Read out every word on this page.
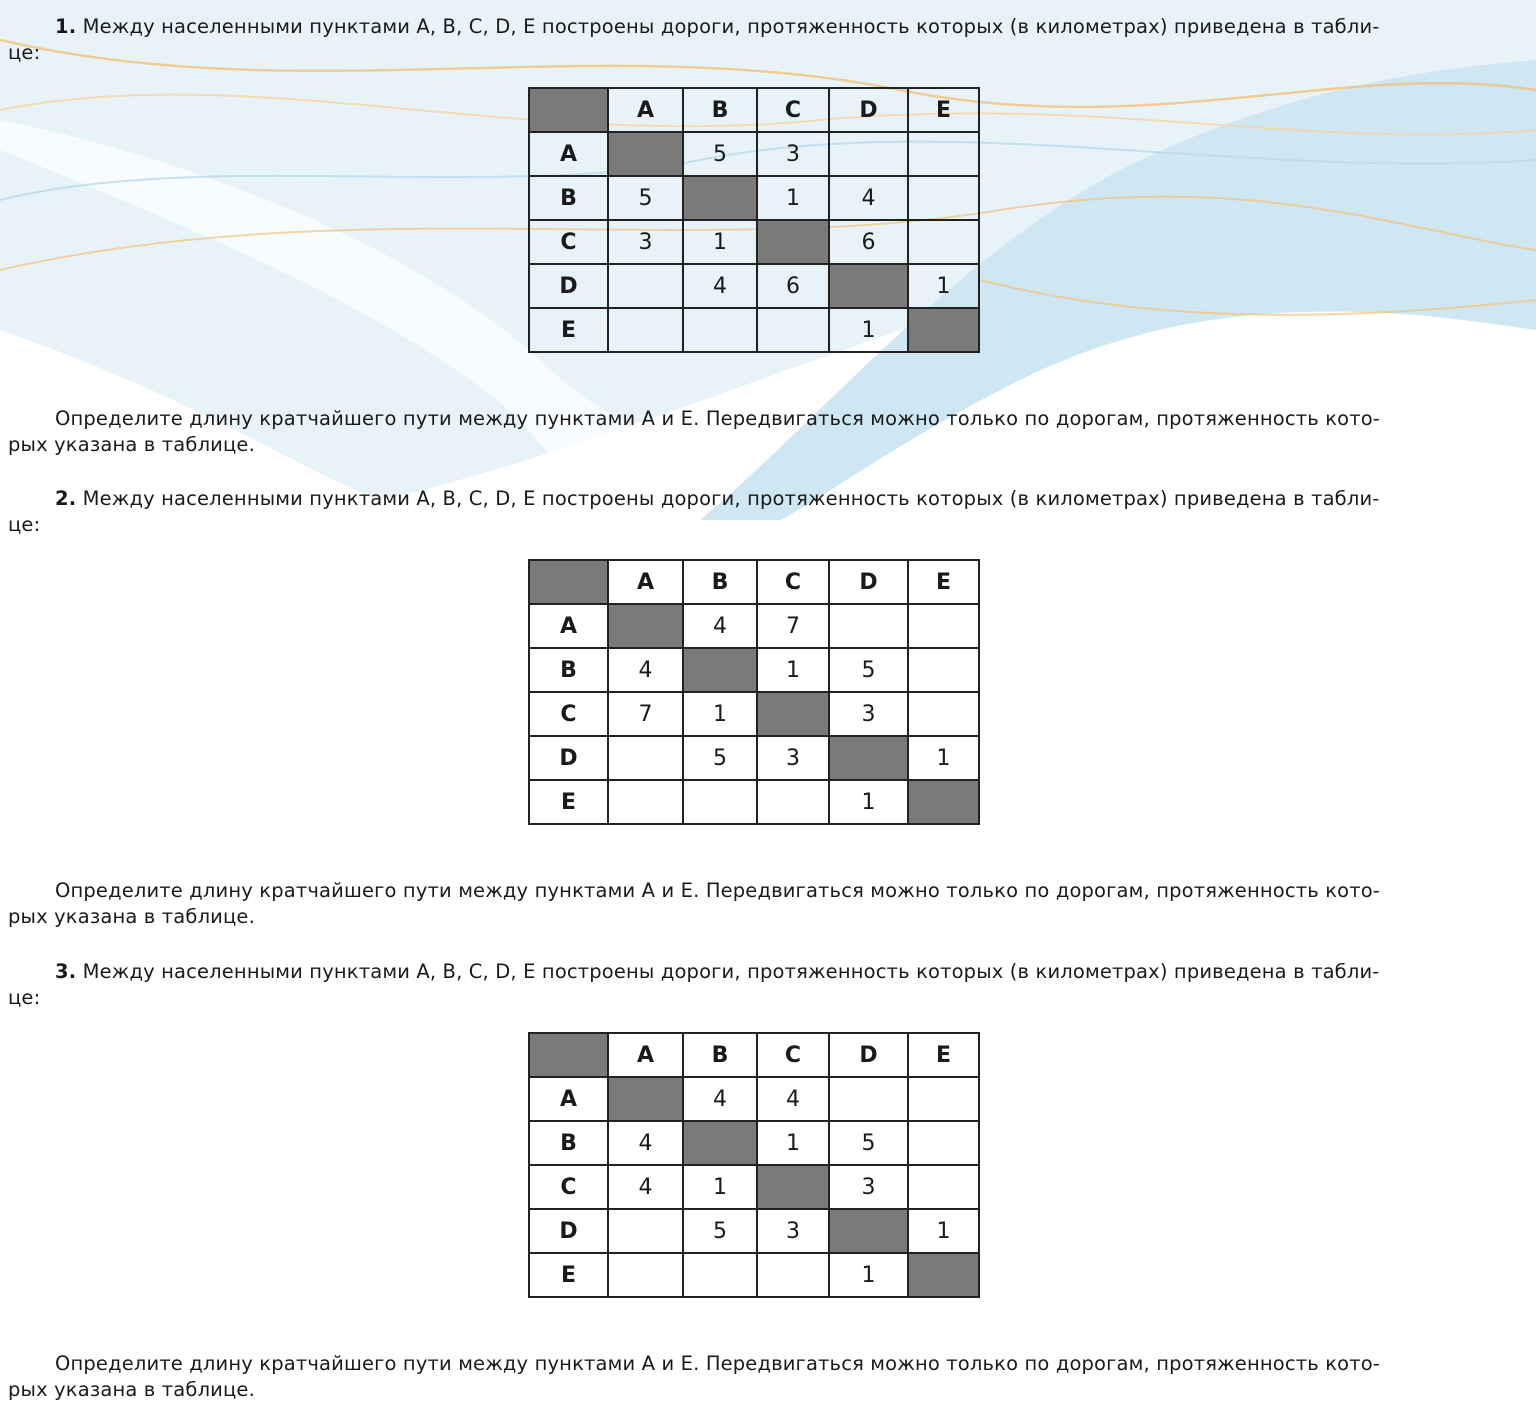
1. Между населенными пунктами A, B, C, D, E построены дороги, протяженность которых (в километрах) приведена в табли-
це:

	A	B	C	D	E
A		5	3		
B	5		1	4	
C	3	1		6	
D		4	6		1
E				1	

Определите длину кратчайшего пути между пунктами А и Е. Передвигаться можно только по дорогам, протяженность кото-
рых указана в таблице.

2. Между населенными пунктами A, B, C, D, E построены дороги, протяженность которых (в километрах) приведена в табли-
це:

	A	B	C	D	E
A		4	7		
B	4		1	5	
C	7	1		3	
D		5	3		1
E				1	

Определите длину кратчайшего пути между пунктами А и Е. Передвигаться можно только по дорогам, протяженность кото-
рых указана в таблице.

3. Между населенными пунктами A, B, C, D, E построены дороги, протяженность которых (в километрах) приведена в табли-
це:

	A	B	C	D	E
A		4	4		
B	4		1	5	
C	4	1		3	
D		5	3		1
E				1	

Определите длину кратчайшего пути между пунктами А и Е. Передвигаться можно только по дорогам, протяженность кото-
рых указана в таблице.
